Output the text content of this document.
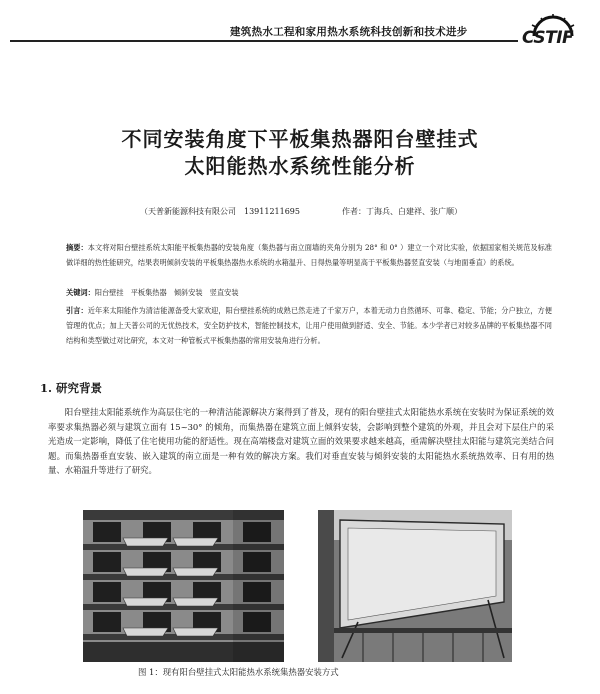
建筑热水工程和家用热水系统科技创新和技术进步	CSTIF
不同安装角度下平板集热器阳台壁挂式
太阳能热水系统性能分析
（天普新能源科技有限公司　13911211695	作者：丁海兵、白建祥、张广顺）

摘要：本文将对阳台壁挂系统太阳能平板集热器的安装角度（集热器与南立面墙的夹角分别为 28° 和 0° ）建立一个对比实验，依据国家相关规范及标准做详细的热性能研究，结果表明倾斜安装的平板集热器热水系统的水箱温升、日得热量等明显高于平板集热器竖直安装（与地面垂直）的系统。

关键词：阳台壁挂　平板集热器　倾斜安装　竖直安装

引言：近年来太阳能作为清洁能源备受大家欢迎，阳台壁挂系统的成熟已然走进了千家万户，本着无动力自然循环、可靠、稳定、节能；分户独立，方便管理的优点；加上天普公司的无忧热技术，安全防护技术，智能控制技术，让用户使用做到舒适、安全、节能。本少学者已对较多品牌的平板集热器不同结构和类型做过对比研究，本文对一种管板式平板集热器的常用安装角进行分析。

1. 研究背景

阳台壁挂太阳能系统作为高层住宅的一种清洁能源解决方案得到了普及，现有的阳台壁挂式太阳能热水系统在安装时为保证系统的效率要求集热器必须与建筑立面有 15~30° 的倾角，而集热器在建筑立面上倾斜安装，会影响到整个建筑的外观，并且会对下层住户的采光造成一定影响，降低了住宅使用功能的舒适性。现在高端楼盘对建筑立面的效果要求越来越高，亟需解决壁挂太阳能与建筑完美结合问题。而集热器垂直安装、嵌入建筑的南立面是一种有效的解决方案。我们对垂直安装与倾斜安装的太阳能热水系统热效率、日有用的热量、水箱温升等进行了研究。

图 1：现有阳台壁挂式太阳能热水系统集热器安装方式
